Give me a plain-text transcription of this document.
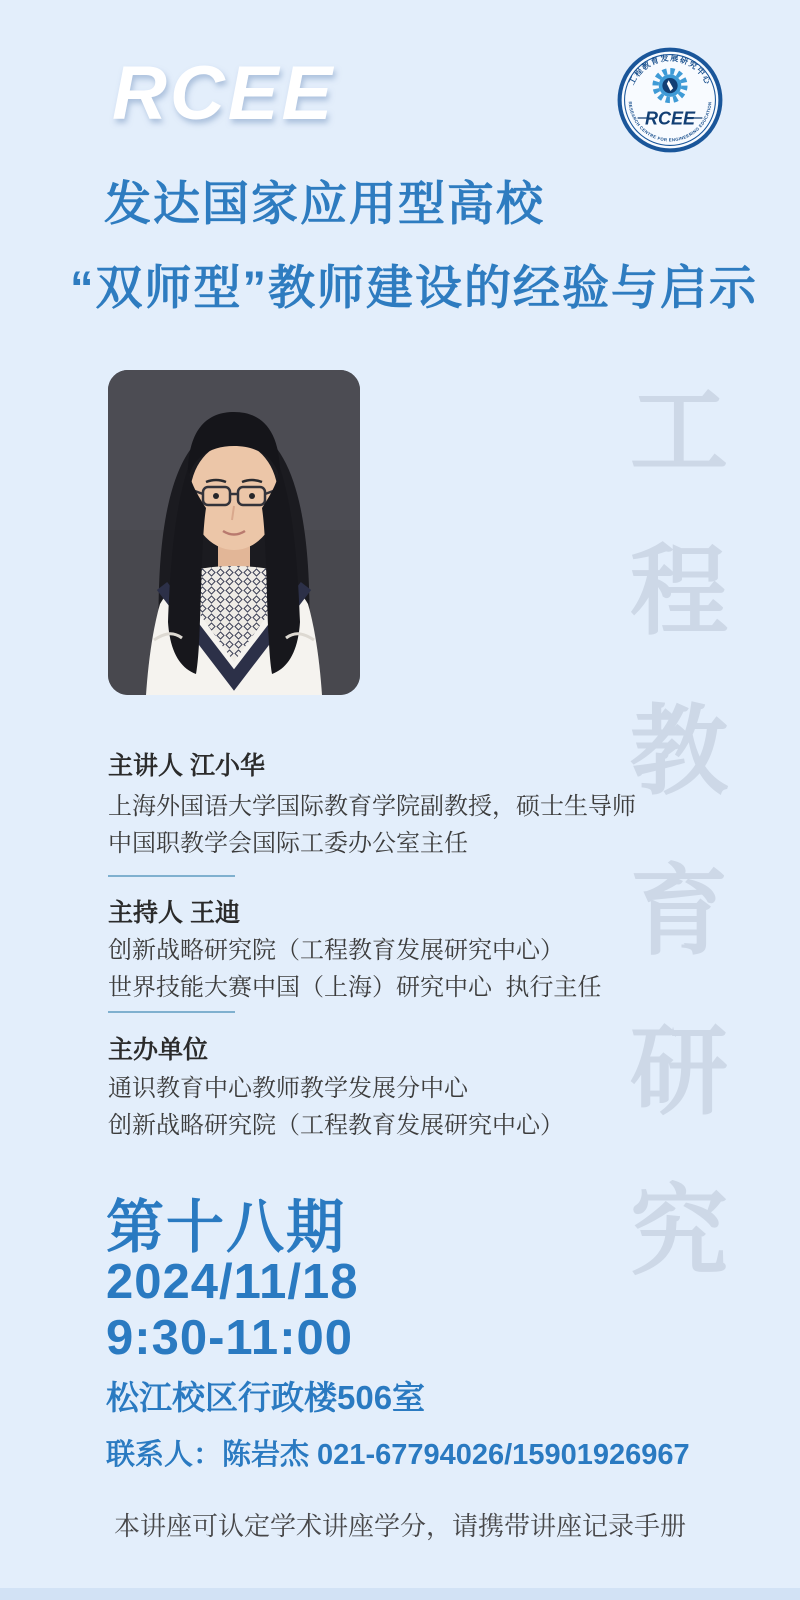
RCEE	工程教育发展研究中心
RCEE
RESEARCH CENTRE FOR ENGINEERING EDUCATION
发达国家应用型高校
“双师型”教师建设的经验与启示
工
程
教
育
研
究
主讲人 江小华
上海外国语大学国际教育学院副教授，硕士生导师
中国职教学会国际工委办公室主任
主持人 王迪
创新战略研究院（工程教育发展研究中心）
世界技能大赛中国（上海）研究中心  执行主任
主办单位
通识教育中心教师教学发展分中心
创新战略研究院（工程教育发展研究中心）
第十八期
2024/11/18
9:30-11:00
松江校区行政楼506室
联系人：陈岩杰 021-67794026/15901926967
本讲座可认定学术讲座学分，请携带讲座记录手册
